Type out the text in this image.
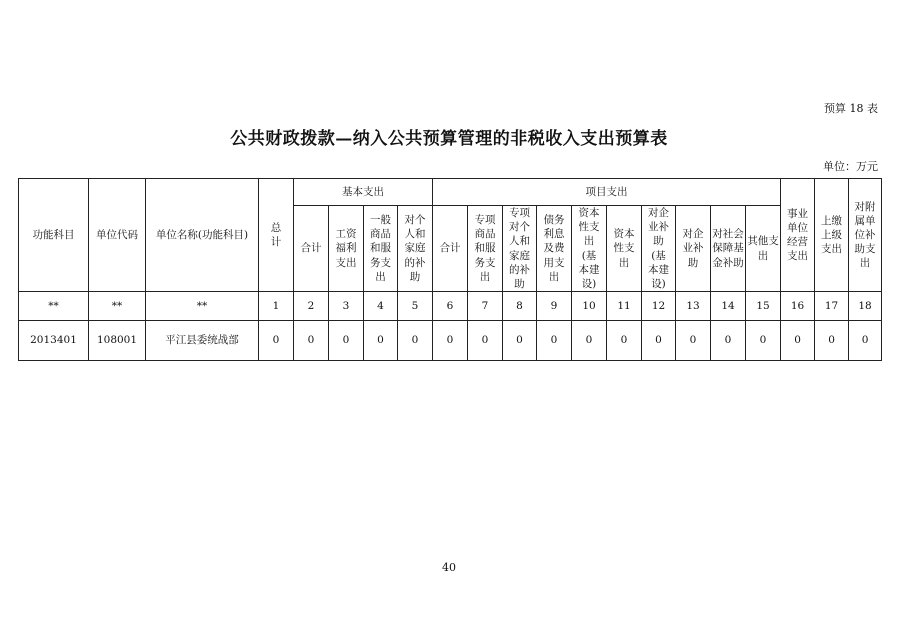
预算 18 表
公共财政拨款—纳入公共预算管理的非税收入支出预算表
单位：万元
功能科目	单位代码	单位名称(功能科目)	总计	基本支出				项目支出										事业单位经营支出	上缴上级支出	对附属单位补助支出
				合计	工资福利支出	一般商品和服务支出	对个人和家庭的补助	合计	专项商品和服务支出	专项对个人和家庭的补助	债务利息及费用支出	资本性支出(基本建设)	资本性支出	对企业补助(基本建设)	对企业补助	对社会保障基金补助	其他支出			
**	**	**	1	2	3	4	5	6	7	8	9	10	11	12	13	14	15	16	17	18
2013401	108001	平江县委统战部	0	0	0	0	0	0	0	0	0	0	0	0	0	0	0	0	0	0
40
